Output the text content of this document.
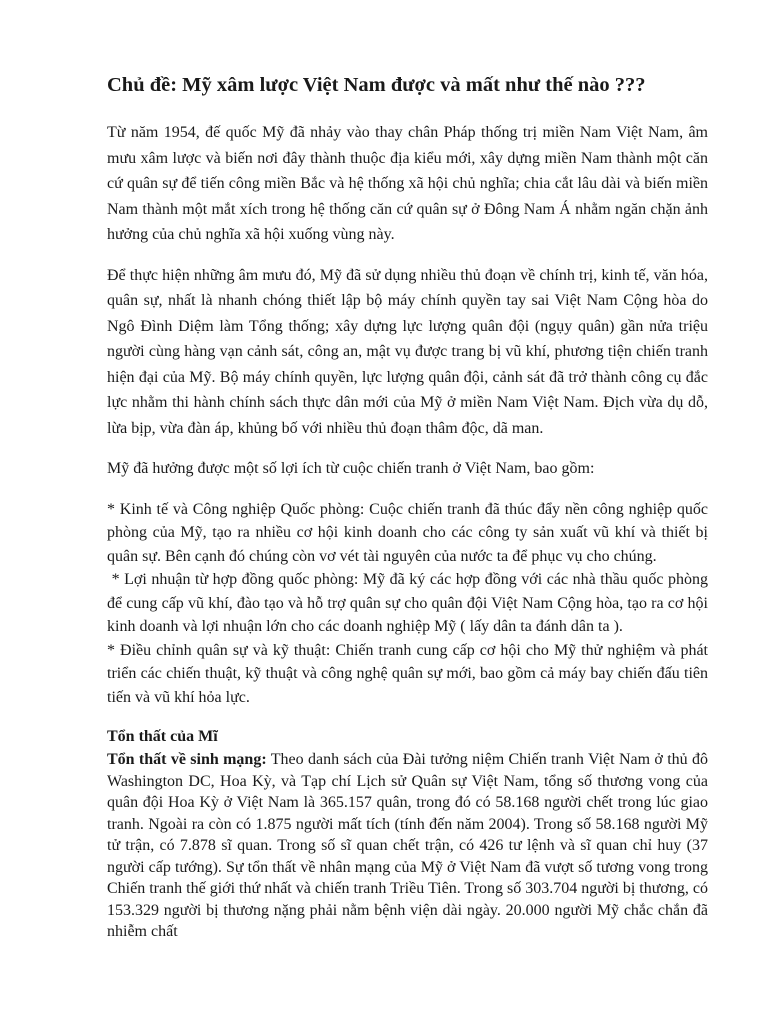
Chủ đề: Mỹ xâm lược Việt Nam được và mất như thế nào ???

Từ năm 1954, đế quốc Mỹ đã nhảy vào thay chân Pháp thống trị miền Nam Việt Nam, âm mưu xâm lược và biến nơi đây thành thuộc địa kiểu mới, xây dựng miền Nam thành một căn cứ quân sự để tiến công miền Bắc và hệ thống xã hội chủ nghĩa; chia cắt lâu dài và biến miền Nam thành một mắt xích trong hệ thống căn cứ quân sự ở Đông Nam Á nhằm ngăn chặn ảnh hưởng của chủ nghĩa xã hội xuống vùng này.

Để thực hiện những âm mưu đó, Mỹ đã sử dụng nhiều thủ đoạn về chính trị, kinh tế, văn hóa, quân sự, nhất là nhanh chóng thiết lập bộ máy chính quyền tay sai Việt Nam Cộng hòa do Ngô Đình Diệm làm Tổng thống; xây dựng lực lượng quân đội (ngụy quân) gần nửa triệu người cùng hàng vạn cảnh sát, công an, mật vụ được trang bị vũ khí, phương tiện chiến tranh hiện đại của Mỹ. Bộ máy chính quyền, lực lượng quân đội, cảnh sát đã trở thành công cụ đắc lực nhằm thi hành chính sách thực dân mới của Mỹ ở miền Nam Việt Nam. Địch vừa dụ dỗ, lừa bịp, vừa đàn áp, khủng bố với nhiều thủ đoạn thâm độc, dã man.

Mỹ đã hưởng được một số lợi ích từ cuộc chiến tranh ở Việt Nam, bao gồm:

* Kinh tế và Công nghiệp Quốc phòng: Cuộc chiến tranh đã thúc đẩy nền công nghiệp quốc phòng của Mỹ, tạo ra nhiều cơ hội kinh doanh cho các công ty sản xuất vũ khí và thiết bị quân sự. Bên cạnh đó chúng còn vơ vét tài nguyên của nước ta để phục vụ cho chúng.

* Lợi nhuận từ hợp đồng quốc phòng: Mỹ đã ký các hợp đồng với các nhà thầu quốc phòng để cung cấp vũ khí, đào tạo và hỗ trợ quân sự cho quân đội Việt Nam Cộng hòa, tạo ra cơ hội kinh doanh và lợi nhuận lớn cho các doanh nghiệp Mỹ ( lấy dân ta đánh dân ta ).

* Điều chỉnh quân sự và kỹ thuật: Chiến tranh cung cấp cơ hội cho Mỹ thử nghiệm và phát triển các chiến thuật, kỹ thuật và công nghệ quân sự mới, bao gồm cả máy bay chiến đấu tiên tiến và vũ khí hỏa lực.

Tổn thất của Mĩ

Tổn thất về sinh mạng: Theo danh sách của Đài tưởng niệm Chiến tranh Việt Nam ở thủ đô Washington DC, Hoa Kỳ, và Tạp chí Lịch sử Quân sự Việt Nam, tổng số thương vong của quân đội Hoa Kỳ ở Việt Nam là 365.157 quân, trong đó có 58.168 người chết trong lúc giao tranh. Ngoài ra còn có 1.875 người mất tích (tính đến năm 2004). Trong số 58.168 người Mỹ tử trận, có 7.878 sĩ quan. Trong số sĩ quan chết trận, có 426 tư lệnh và sĩ quan chỉ huy (37 người cấp tướng). Sự tổn thất về nhân mạng của Mỹ ở Việt Nam đã vượt số tương vong trong Chiến tranh thế giới thứ nhất và chiến tranh Triều Tiên. Trong số 303.704 người bị thương, có 153.329 người bị thương nặng phải nằm bệnh viện dài ngày. 20.000 người Mỹ chắc chắn đã nhiễm chất
